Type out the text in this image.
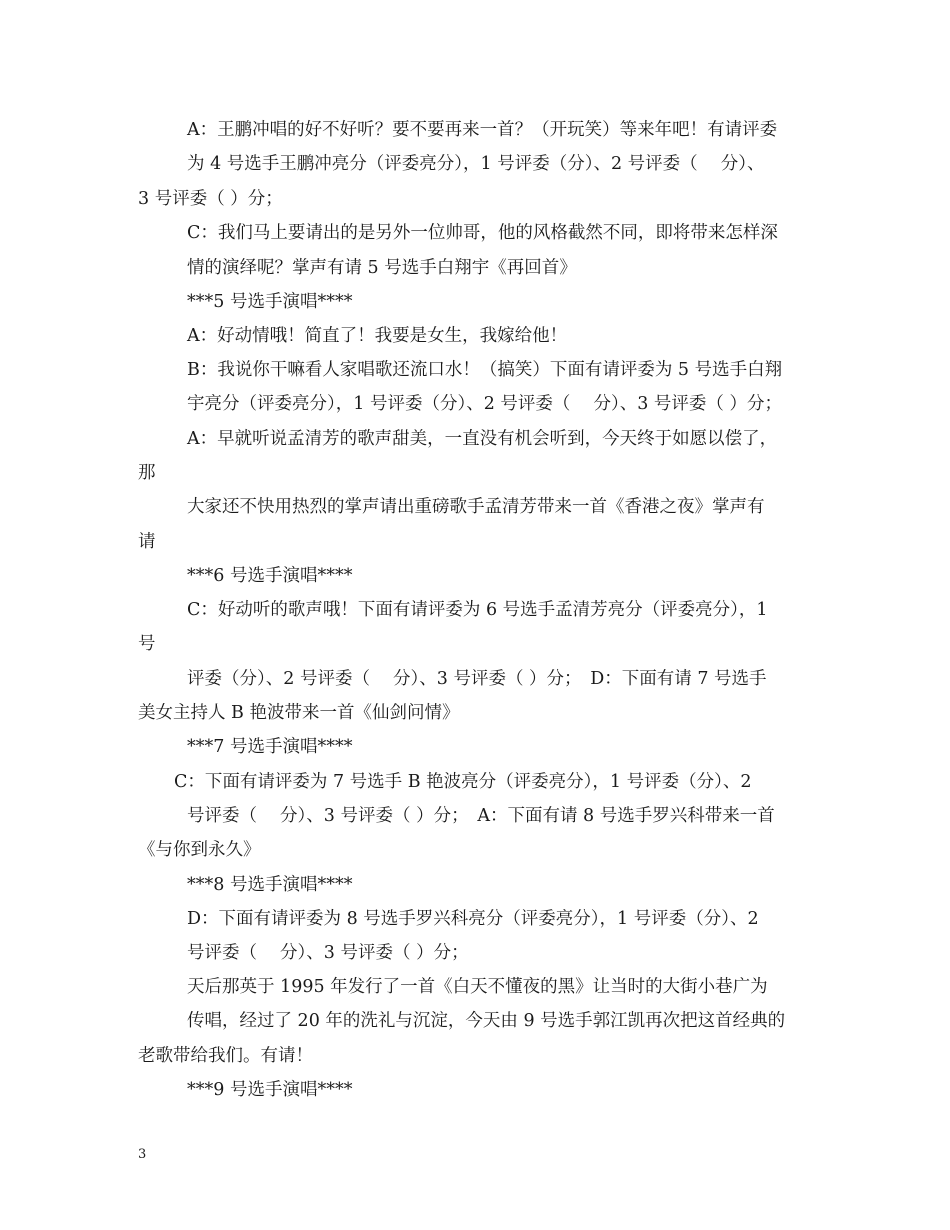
A：王鹏冲唱的好不好听？要不要再来一首？（开玩笑）等来年吧！有请评委
为 4 号选手王鹏冲亮分（评委亮分），1 号评委（分）、2 号评委（　 分）、
3 号评委（ ）分；
C：我们马上要请出的是另外一位帅哥，他的风格截然不同，即将带来怎样深
情的演绎呢？掌声有请 5 号选手白翔宇《再回首》
***5 号选手演唱****
A：好动情哦！简直了！我要是女生，我嫁给他！
B：我说你干嘛看人家唱歌还流口水！（搞笑）下面有请评委为 5 号选手白翔
宇亮分（评委亮分），1 号评委（分）、2 号评委（　 分）、3 号评委（ ）分；
A：早就听说孟清芳的歌声甜美，一直没有机会听到，今天终于如愿以偿了，
那
大家还不快用热烈的掌声请出重磅歌手孟清芳带来一首《香港之夜》掌声有
请
***6 号选手演唱****
C：好动听的歌声哦！下面有请评委为 6 号选手孟清芳亮分（评委亮分），1
号
评委（分）、2 号评委（　 分）、3 号评委（ ）分；　D：下面有请 7 号选手
美女主持人 B 艳波带来一首《仙剑问情》
***7 号选手演唱****
C：下面有请评委为 7 号选手 B 艳波亮分（评委亮分），1 号评委（分）、2
号评委（　 分）、3 号评委（ ）分；　A：下面有请 8 号选手罗兴科带来一首
《与你到永久》
***8 号选手演唱****
D：下面有请评委为 8 号选手罗兴科亮分（评委亮分），1 号评委（分）、2
号评委（　 分）、3 号评委（ ）分；
天后那英于 1995 年发行了一首《白天不懂夜的黑》让当时的大街小巷广为
传唱，经过了 20 年的洗礼与沉淀，今天由 9 号选手郭江凯再次把这首经典的
老歌带给我们。有请！
***9 号选手演唱****
3
